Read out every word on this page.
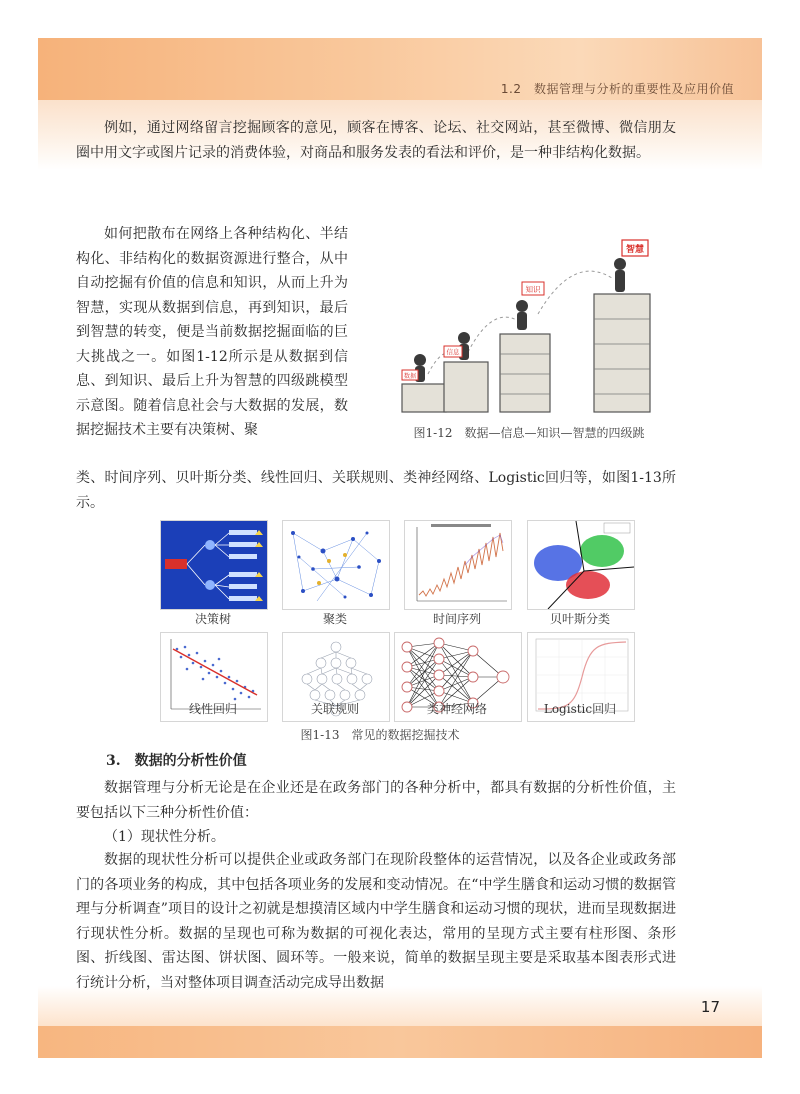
1.2　数据管理与分析的重要性及应用价值
17

例如，通过网络留言挖掘顾客的意见，顾客在博客、论坛、社交网站，甚至微博、微信朋友圈中用文字或图片记录的消费体验，对商品和服务发表的看法和评价，是一种非结构化数据。

如何把散布在网络上各种结构化、半结构化、非结构化的数据资源进行整合，从中自动挖掘有价值的信息和知识，从而上升为智慧，实现从数据到信息，再到知识，最后到智慧的转变，便是当前数据挖掘面临的巨大挑战之一。如图1-12所示是从数据到信息、到知识、最后上升为智慧的四级跳模型示意图。随着信息社会与大数据的发展，数据挖掘技术主要有决策树、聚

数据
信息
知识
智慧
图1-12　数据—信息—知识—智慧的四级跳

类、时间序列、贝叶斯分类、线性回归、关联规则、类神经网络、Logistic回归等，如图1-13所示。

决策树	聚类	时间序列	贝叶斯分类
线性回归	关联规则	类神经网络	Logistic回归
图1-13　常见的数据挖掘技术
3.　数据的分析性价值

数据管理与分析无论是在企业还是在政务部门的各种分析中，都具有数据的分析性价值，主要包括以下三种分析性价值：

（1）现状性分析。

数据的现状性分析可以提供企业或政务部门在现阶段整体的运营情况，以及各企业或政务部门的各项业务的构成，其中包括各项业务的发展和变动情况。在“中学生膳食和运动习惯的数据管理与分析调查”项目的设计之初就是想摸清区域内中学生膳食和运动习惯的现状，进而呈现数据进行现状性分析。数据的呈现也可称为数据的可视化表达，常用的呈现方式主要有柱形图、条形图、折线图、雷达图、饼状图、圆环等。一般来说，简单的数据呈现主要是采取基本图表形式进行统计分析，当对整体项目调查活动完成导出数据
